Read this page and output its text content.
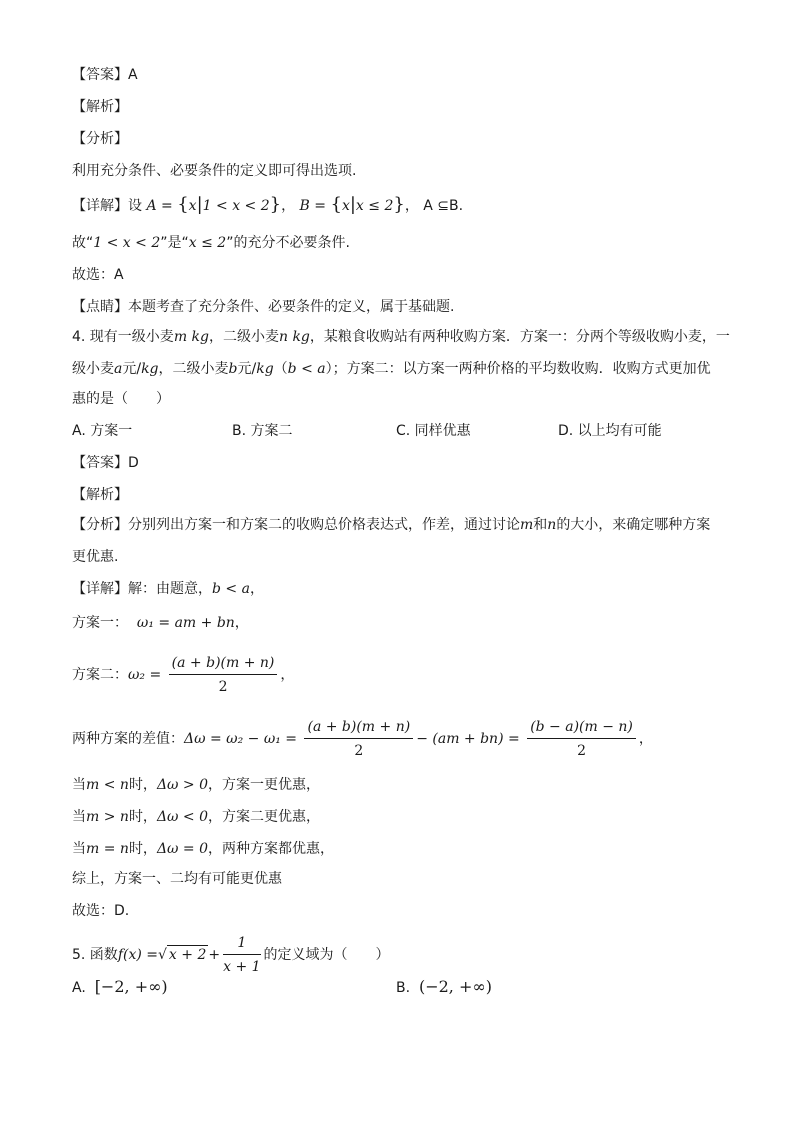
【答案】A
【解析】
【分析】
利用充分条件、必要条件的定义即可得出选项.
【详解】设 A = {x|1 < x < 2}， B = {x|x ≤ 2}， A ⊆B.
故“1 < x < 2”是“x ≤ 2”的充分不必要条件.
故选：A
【点睛】本题考查了充分条件、必要条件的定义，属于基础题.
4. 现有一级小麦m kg，二级小麦n kg，某粮食收购站有两种收购方案．方案一：分两个等级收购小麦，一
级小麦a元/kg，二级小麦b元/kg（b < a）；方案二：以方案一两种价格的平均数收购．收购方式更加优
惠的是（　　）
A. 方案一	B. 方案二	C. 同样优惠	D. 以上均有可能
【答案】D
【解析】
【分析】分别列出方案一和方案二的收购总价格表达式，作差，通过讨论m和n的大小，来确定哪种方案
更优惠.
【详解】解：由题意，b < a，
方案一： ω₁ = am + bn，
方案二：$\omega_2 = \frac{(a + b)(m + n)}{2}$ ，
两种方案的差值：$\Delta\omega = \omega_2 - \omega_1 = \frac{(a + b)(m + n)}{2} - (am + bn) = \frac{(b - a)(m - n)}{2}$ ，
当m < n时，Δω > 0，方案一更优惠，
当m > n时，Δω < 0，方案二更优惠，
当m = n时，Δω = 0，两种方案都优惠，
综上，方案一、二均有可能更优惠
故选：D.
5. 函数f(x) =√ $x + 2 + \frac{1}{x + 1}$ 的定义域为（　　）
A. [−2, +∞)	B. (−2, +∞)
